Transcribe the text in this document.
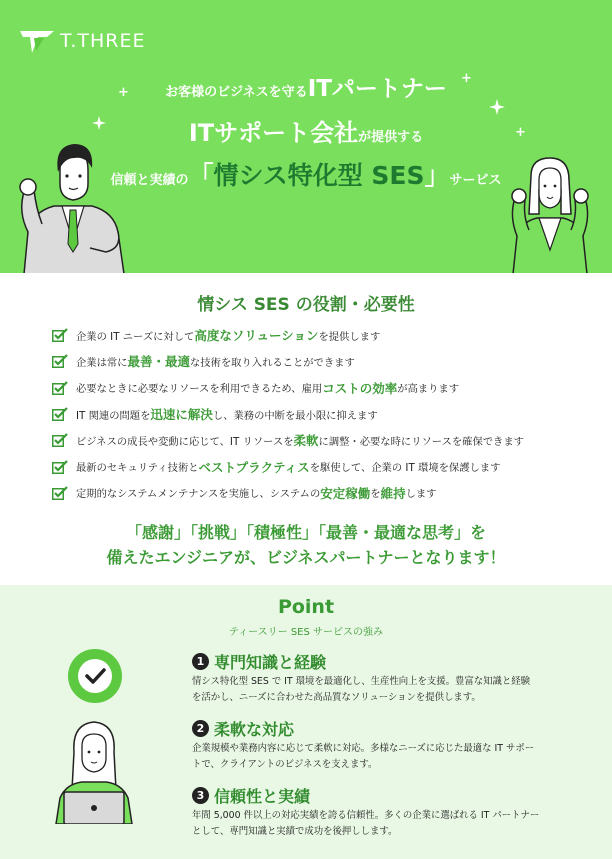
T.THREE
お客様のビジネスを守るITパートナー
ITサポート会社が提供する
信頼と実績の「情シス特化型 SES」サービス
+
+
+
情シス SES の役割・必要性
企業の IT ニーズに対して 高度なソリューション を提供します
企業は常に 最善・最適 な技術を取り入れることができます
必要なときに必要なリソースを利用できるため、雇用 コストの効率 が高まります
IT 関連の問題を 迅速に解決 し、業務の中断を最小限に抑えます
ビジネスの成長や変動に応じて、IT リソースを 柔軟 に調整・必要な時にリソースを確保できます
最新のセキュリティ技術と ベストプラクティス を駆使して、企業の IT 環境を保護します
定期的なシステムメンテナンスを実施し、システムの 安定稼働 を 維持 します
「感謝」「挑戦」「積極性」「最善・最適な思考」を
備えたエンジニアが、ビジネスパートナーとなります！
Point
ティースリー SES サービスの強み
1 専門知識と経験
情シス特化型 SES で IT 環境を最適化し、生産性向上を支援。豊富な知識と経験
を活かし、ニーズに合わせた高品質なソリューションを提供します。
2 柔軟な対応
企業規模や業務内容に応じて柔軟に対応。多様なニーズに応じた最適な IT サポー
トで、クライアントのビジネスを支えます。
3 信頼性と実績
年間 5,000 件以上の対応実績を誇る信頼性。多くの企業に選ばれる IT パートナー
として、専門知識と実績で成功を後押しします。
